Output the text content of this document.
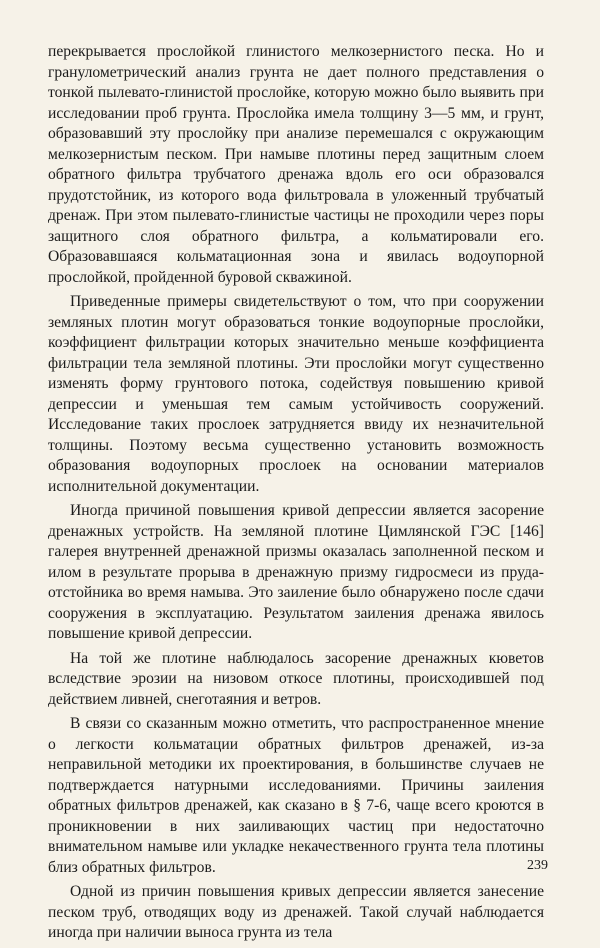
перекрывается прослойкой глинистого мелкозернистого песка. Но и гранулометрический анализ грунта не дает полного представления о тонкой пылевато-глинистой прослойке, которую можно было выявить при исследовании проб грунта. Прослойка имела толщину 3—5 мм, и грунт, образовавший эту прослойку при анализе перемешался с окружающим мелкозернистым песком. При намыве плотины перед защитным слоем обратного фильтра трубчатого дренажа вдоль его оси образовался прудотстойник, из которого вода фильтровала в уложенный трубчатый дренаж. При этом пылевато-глинистые частицы не проходили через поры защитного слоя обратного фильтра, а кольматировали его. Образовавшаяся кольматационная зона и явилась водоупорной прослойкой, пройденной буровой скважиной.

Приведенные примеры свидетельствуют о том, что при сооружении земляных плотин могут образоваться тонкие водоупорные прослойки, коэффициент фильтрации которых значительно меньше коэффициента фильтрации тела земляной плотины. Эти прослойки могут существенно изменять форму грунтового потока, содействуя повышению кривой депрессии и уменьшая тем самым устойчивость сооружений. Исследование таких прослоек затрудняется ввиду их незначительной толщины. Поэтому весьма существенно установить возможность образования водоупорных прослоек на основании материалов исполнительной документации.

Иногда причиной повышения кривой депрессии является засорение дренажных устройств. На земляной плотине Цимлянской ГЭС [146] галерея внутренней дренажной призмы оказалась заполненной песком и илом в результате прорыва в дренажную призму гидросмеси из пруда-отстойника во время намыва. Это заиление было обнаружено после сдачи сооружения в эксплуатацию. Результатом заиления дренажа явилось повышение кривой депрессии.

На той же плотине наблюдалось засорение дренажных кюветов вследствие эрозии на низовом откосе плотины, происходившей под действием ливней, снеготаяния и ветров.

В связи со сказанным можно отметить, что распространенное мнение о легкости кольматации обратных фильтров дренажей, из-за неправильной методики их проектирования, в большинстве случаев не подтверждается натурными исследованиями. Причины заиления обратных фильтров дренажей, как сказано в § 7-6, чаще всего кроются в проникновении в них заиливающих частиц при недостаточно внимательном намыве или укладке некачественного грунта тела плотины близ обратных фильтров.

Одной из причин повышения кривых депрессии является занесение песком труб, отводящих воду из дренажей. Такой случай наблюдается иногда при наличии выноса грунта из тела

239
